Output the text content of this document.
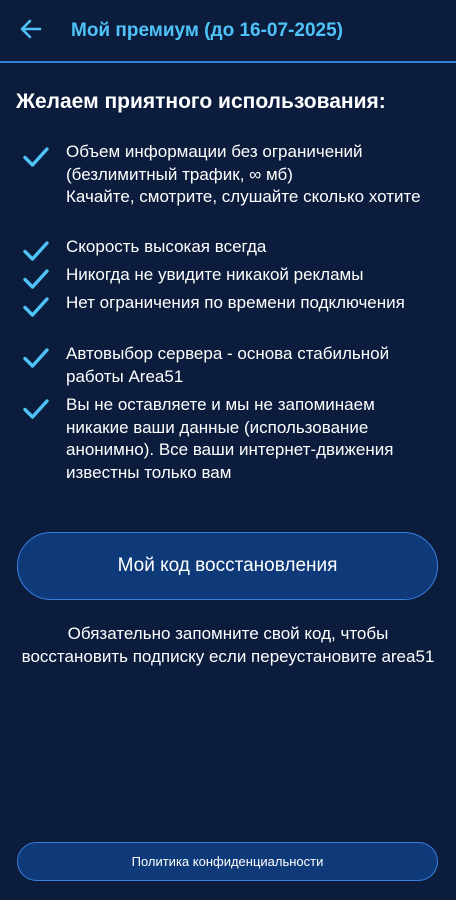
Мой премиум (до 16-07-2025)
Желаем приятного использования:
Объем информации без ограничений (безлимитный трафик, ∞ мб)
Качайте, смотрите, слушайте сколько хотите
Скорость высокая всегда
Никогда не увидите никакой рекламы
Нет ограничения по времени подключения
Автовыбор сервера - основа стабильной работы Area51
Вы не оставляете и мы не запоминаем никакие ваши данные (использование анонимно). Все ваши интернет-движения известны только вам
Мой код восстановления
Обязательно запомните свой код, чтобы восстановить подписку если переустановите area51
Политика конфиденциальности
